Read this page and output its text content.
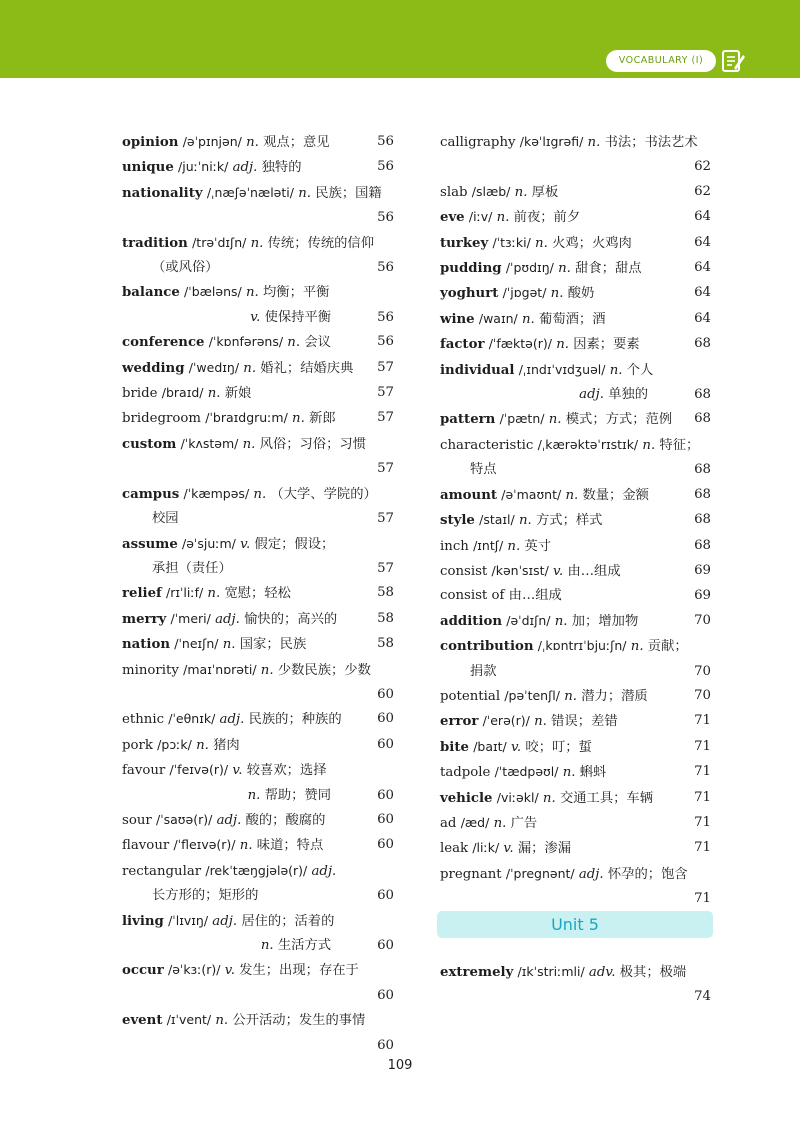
VOCABULARY (I)
56
opinion /əˈpɪnjən/ n. 观点；意见
56
unique /juːˈniːk/ adj. 独特的
nationality /ˌnæʃəˈnæləti/ n. 民族；国籍
56
tradition /trəˈdɪʃn/ n. 传统；传统的信仰
56
（或风俗）
balance /ˈbæləns/ n. 均衡；平衡
56
v. 使保持平衡
56
conference /ˈkɒnfərəns/ n. 会议
57
wedding /ˈwedɪŋ/ n. 婚礼；结婚庆典
57
bride /braɪd/ n. 新娘
57
bridegroom /ˈbraɪdgruːm/ n. 新郎
custom /ˈkʌstəm/ n. 风俗；习俗；习惯
57
campus /ˈkæmpəs/ n. （大学、学院的）
57
校园
assume /əˈsjuːm/ v. 假定；假设；
57
承担（责任）
58
relief /rɪˈliːf/ n. 宽慰；轻松
58
merry /ˈmeri/ adj. 愉快的；高兴的
58
nation /ˈneɪʃn/ n. 国家；民族
minority /maɪˈnɒrəti/ n. 少数民族；少数
60
60
ethnic /ˈeθnɪk/ adj. 民族的；种族的
60
pork /pɔːk/ n. 猪肉
favour /ˈfeɪvə(r)/ v. 较喜欢；选择
60
n. 帮助；赞同
60
sour /ˈsaʊə(r)/ adj. 酸的；酸腐的
60
flavour /ˈfleɪvə(r)/ n. 味道；特点
rectangular /rekˈtæŋgjələ(r)/ adj.
60
长方形的；矩形的
living /ˈlɪvɪŋ/ adj. 居住的；活着的
60
n. 生活方式
occur /əˈkɜː(r)/ v. 发生；出现；存在于
60
event /ɪˈvent/ n. 公开活动；发生的事情
60
calligraphy /kəˈlɪgrəfi/ n. 书法；书法艺术
62
62
slab /slæb/ n. 厚板
64
eve /iːv/ n. 前夜；前夕
64
turkey /ˈtɜːki/ n. 火鸡；火鸡肉
64
pudding /ˈpʊdɪŋ/ n. 甜食；甜点
64
yoghurt /ˈjɒgət/ n. 酸奶
64
wine /waɪn/ n. 葡萄酒；酒
68
factor /ˈfæktə(r)/ n. 因素；要素
individual /ˌɪndɪˈvɪdʒuəl/ n. 个人
68
adj. 单独的
68
pattern /ˈpætn/ n. 模式；方式；范例
characteristic /ˌkærəktəˈrɪstɪk/ n. 特征；
68
特点
68
amount /əˈmaʊnt/ n. 数量；金额
68
style /staɪl/ n. 方式；样式
68
inch /ɪntʃ/ n. 英寸
69
consist /kənˈsɪst/ v. 由…组成
69
consist of 由…组成
70
addition /əˈdɪʃn/ n. 加；增加物
contribution /ˌkɒntrɪˈbjuːʃn/ n. 贡献；
70
捐款
70
potential /pəˈtenʃl/ n. 潜力；潜质
71
error /ˈerə(r)/ n. 错误；差错
71
bite /baɪt/ v. 咬；叮；蜇
71
tadpole /ˈtædpəʊl/ n. 蝌蚪
71
vehicle /viːəkl/ n. 交通工具；车辆
71
ad /æd/ n. 广告
71
leak /liːk/ v. 漏；渗漏
pregnant /ˈpregnənt/ adj. 怀孕的；饱含
71
Unit 5
extremely /ɪkˈstriːmli/ adv. 极其；极端
74
109
